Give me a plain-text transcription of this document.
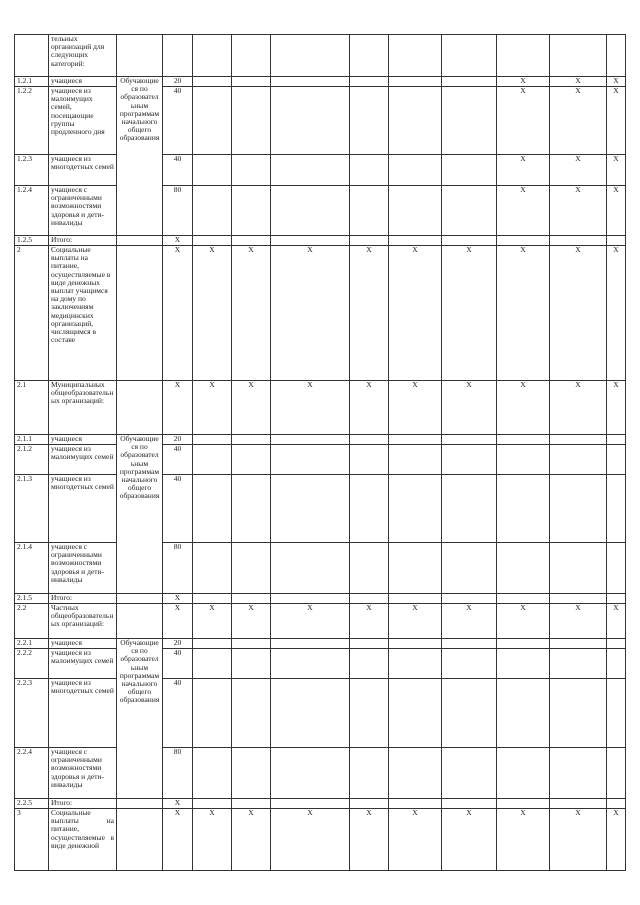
	тельных организаций для следующих категорий:											
1.2.1	учащиеся	Обучающиеся по образовательным программам начального общего образования	20							X	X	X
1.2.2	учащиеся из малоимущих семей, посещающие группы продленного дня		40							X	X	X
1.2.3	учащиеся из многодетных семей		40							X	X	X
1.2.4	учащиеся с ограниченными возможностями здоровья и дети-инвалиды		80							X	X	X
1.2.5	Итого:		X									
2	Социальные выплаты на питание, осуществляемые в виде денежных выплат учащимся на дому по заключениям медицинских организаций, числящимся в составе		X	X	X	X	X	X	X	X	X	X
2.1	Муниципальных общеобразовательных организаций:		X	X	X	X	X	X	X	X	X	X
2.1.1	учащиеся	Обучающиеся по образовательным программам начального общего образования	20									
2.1.2	учащиеся из малоимущих семей		40									
2.1.3	учащиеся из многодетных семей		40									
2.1.4	учащиеся с ограниченными возможностями здоровья и дети-инвалиды		80									
2.1.5	Итого:		X									
2.2	Частных общеобразовательных организаций:		X	X	X	X	X	X	X	X	X	X
2.2.1	учащиеся	Обучающиеся по образовательным программам начального общего образования	20									
2.2.2	учащиеся из малоимущих семей		40									
2.2.3	учащиеся из многодетных семей		40									
2.2.4	учащиеся с ограниченными возможностями здоровья и дети-инвалиды		80									
2.2.5	Итого:		X									
3	Социальные выплаты на питание, осуществляемые в виде денежной		X	X	X	X	X	X	X	X	X	X
